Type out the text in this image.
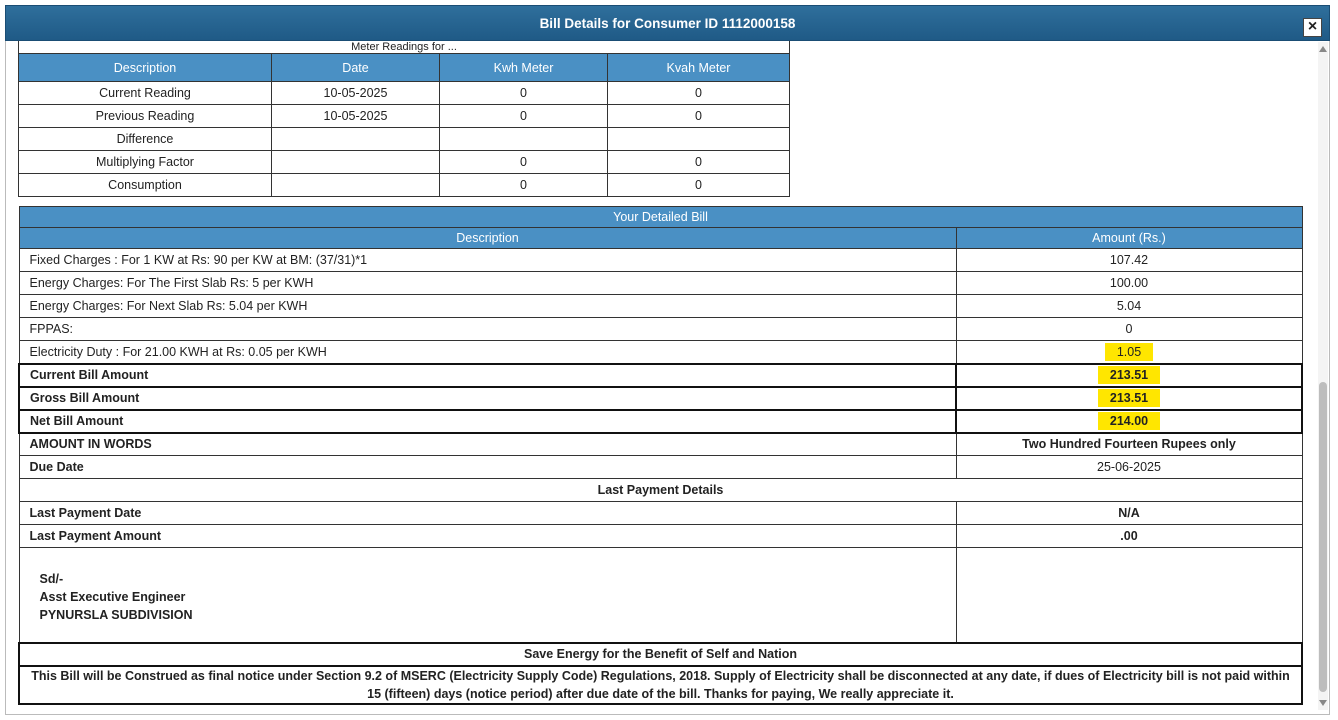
Bill Details for Consumer ID 1112000158	×
Meter Readings for ...			
Description	Date	Kwh Meter	Kvah Meter
Current Reading	10-05-2025	0	0
Previous Reading	10-05-2025	0	0
Difference			
Multiplying Factor		0	0
Consumption		0	0
Your Detailed Bill	
Description	Amount (Rs.)
Fixed Charges : For 1 KW at Rs: 90 per KW at BM: (37/31)*1	107.42
Energy Charges: For The First Slab Rs: 5 per KWH	100.00
Energy Charges: For Next Slab Rs: 5.04 per KWH	5.04
FPPAS:	0
Electricity Duty : For 21.00 KWH at Rs: 0.05 per KWH	1.05
Current Bill Amount	213.51
Gross Bill Amount	213.51
Net Bill Amount	214.00
AMOUNT IN WORDS	Two Hundred Fourteen Rupees only
Due Date	25-06-2025
Last Payment Details	
Last Payment Date	N/A
Last Payment Amount	.00

Sd/-
Asst Executive Engineer
PYNURSLA SUBDIVISION	

Save Energy for the Benefit of Self and Nation	
This Bill will be Construed as final notice under Section 9.2 of MSERC (Electricity Supply Code) Regulations, 2018. Supply of Electricity shall be disconnected at any date, if dues of Electricity bill is not paid within 15 (fifteen) days (notice period) after due date of the bill. Thanks for paying, We really appreciate it.	
